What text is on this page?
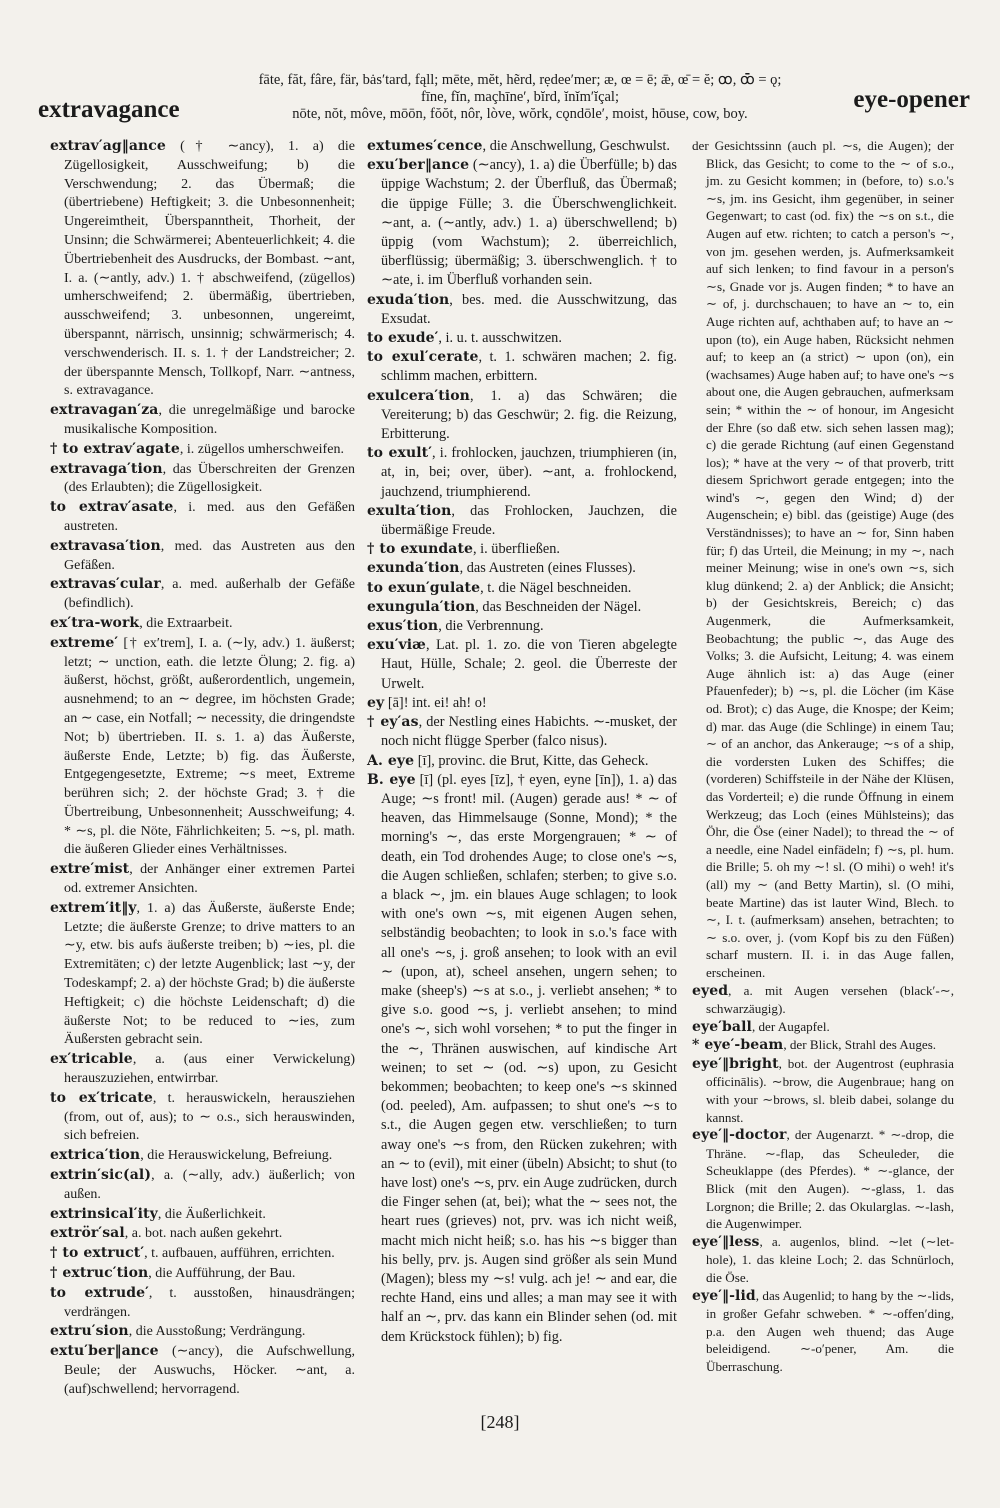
extravagance
fāte, făt, fâre, fär, bȧs′tard, fąll; mēte, mĕt, hẽrd, rẹdee′mer; æ, œ = ē; ǣ, œ̄ = ĕ; ꝏ, ꝏ̄ = ǫ;
fīne, fĭn, maçhīne′, bĭrd, ĭnĭm′ĭçal;
nōte, nŏt, môve, mōōn, fŏŏt, nôr, lòve, wŏrk, cǫndōle′, moist, hōuse, cow, boy.
eye-opener

extrav′ag‖ance († ∼ancy), 1. a) die Zügellosigkeit, Ausschweifung; b) die Verschwendung; 2. das Übermaß; die (übertriebene) Heftigkeit; 3. die Unbesonnenheit; Ungereimtheit, Überspanntheit, Thorheit, der Unsinn; die Schwärmerei; Abenteuerlichkeit; 4. die Übertriebenheit des Ausdrucks, der Bombast. ∼ant, I. a. (∼antly, adv.) 1. † abschweifend, (zügellos) umherschweifend; 2. übermäßig, übertrieben, ausschweifend; 3. unbesonnen, ungereimt, überspannt, närrisch, unsinnig; schwärmerisch; 4. verschwenderisch. II. s. 1. † der Landstreicher; 2. der überspannte Mensch, Tollkopf, Narr. ∼antness, s. extravagance.

extravagan′za, die unregelmäßige und barocke musikalische Komposition.

† to extrav′agate, i. zügellos umherschweifen.

extravaga′tion, das Überschreiten der Grenzen (des Erlaubten); die Zügellosigkeit.

to extrav′asate, i. med. aus den Gefäßen austreten.

extravasa′tion, med. das Austreten aus den Gefäßen.

extravas′cular, a. med. außerhalb der Gefäße (befindlich).

ex′tra-work, die Extraarbeit.

extreme′ [† ex′trem], I. a. (∼ly, adv.) 1. äußerst; letzt; ∼ unction, eath. die letzte Ölung; 2. fig. a) äußerst, höchst, größt, außerordentlich, ungemein, ausnehmend; to an ∼ degree, im höchsten Grade; an ∼ case, ein Notfall; ∼ necessity, die dringendste Not; b) übertrieben. II. s. 1. a) das Äußerste, äußerste Ende, Letzte; b) fig. das Äußerste, Entgegengesetzte, Extreme; ∼s meet, Extreme berühren sich; 2. der höchste Grad; 3. † die Übertreibung, Unbesonnenheit; Ausschweifung; 4. * ∼s, pl. die Nöte, Fährlichkeiten; 5. ∼s, pl. math. die äußeren Glieder eines Verhältnisses.

extre′mist, der Anhänger einer extremen Partei od. extremer Ansichten.

extrem′it‖y, 1. a) das Äußerste, äußerste Ende; Letzte; die äußerste Grenze; to drive matters to an ∼y, etw. bis aufs äußerste treiben; b) ∼ies, pl. die Extremitäten; c) der letzte Augenblick; last ∼y, der Todeskampf; 2. a) der höchste Grad; b) die äußerste Heftigkeit; c) die höchste Leidenschaft; d) die äußerste Not; to be reduced to ∼ies, zum Äußersten gebracht sein.

ex′tricable, a. (aus einer Verwickelung) herauszuziehen, entwirrbar.

to ex′tricate, t. herauswickeln, herausziehen (from, out of, aus); to ∼ o.s., sich herauswinden, sich befreien.

extrica′tion, die Herauswickelung, Befreiung.

extrin′sic(al), a. (∼ally, adv.) äußerlich; von außen.

extrinsical′ity, die Äußerlichkeit.

extrör′sal, a. bot. nach außen gekehrt.

† to extruct′, t. aufbauen, aufführen, errichten.

† extruc′tion, die Aufführung, der Bau.

to extrude′, t. ausstoßen, hinausdrängen; verdrängen.

extru′sion, die Ausstoßung; Verdrängung.

extu′ber‖ance (∼ancy), die Aufschwellung, Beule; der Auswuchs, Höcker. ∼ant, a. (auf)schwellend; hervorragend.

extumes′cence, die Anschwellung, Geschwulst.

exu′ber‖ance (∼ancy), 1. a) die Überfülle; b) das üppige Wachstum; 2. der Überfluß, das Übermaß; die üppige Fülle; 3. die Überschwenglichkeit. ∼ant, a. (∼antly, adv.) 1. a) überschwellend; b) üppig (vom Wachstum); 2. überreichlich, überflüssig; übermäßig; 3. überschwenglich. † to ∼ate, i. im Überfluß vorhanden sein.

exuda′tion, bes. med. die Ausschwitzung, das Exsudat.

to exude′, i. u. t. ausschwitzen.

to exul′cerate, t. 1. schwären machen; 2. fig. schlimm machen, erbittern.

exulcera′tion, 1. a) das Schwären; die Vereiterung; b) das Geschwür; 2. fig. die Reizung, Erbitterung.

to exult′, i. frohlocken, jauchzen, triumphieren (in, at, in, bei; over, über). ∼ant, a. frohlockend, jauchzend, triumphierend.

exulta′tion, das Frohlocken, Jauchzen, die übermäßige Freude.

† to exundate, i. überfließen.

exunda′tion, das Austreten (eines Flusses).

to exun′gulate, t. die Nägel beschneiden.

exungula′tion, das Beschneiden der Nägel.

exus′tion, die Verbrennung.

exu′viæ, Lat. pl. 1. zo. die von Tieren abgelegte Haut, Hülle, Schale; 2. geol. die Überreste der Urwelt.

ey [ā]! int. ei! ah! o!

† ey′as, der Nestling eines Habichts. ∼-musket, der noch nicht flügge Sperber (falco nisus).

A. eye [ī], provinc. die Brut, Kitte, das Geheck.

B. eye [ī] (pl. eyes [īz], † eyen, eyne [īn]), 1. a) das Auge; ∼s front! mil. (Augen) gerade aus! * ∼ of heaven, das Himmelsauge (Sonne, Mond); * the morning's ∼, das erste Morgengrauen; * ∼ of death, ein Tod drohendes Auge; to close one's ∼s, die Augen schließen, schlafen; sterben; to give s.o. a black ∼, jm. ein blaues Auge schlagen; to look with one's own ∼s, mit eigenen Augen sehen, selbständig beobachten; to look in s.o.'s face with all one's ∼s, j. groß ansehen; to look with an evil ∼ (upon, at), scheel ansehen, ungern sehen; to make (sheep's) ∼s at s.o., j. verliebt ansehen; * to give s.o. good ∼s, j. verliebt ansehen; to mind one's ∼, sich wohl vorsehen; * to put the finger in the ∼, Thränen auswischen, auf kindische Art weinen; to set ∼ (od. ∼s) upon, zu Gesicht bekommen; beobachten; to keep one's ∼s skinned (od. peeled), Am. aufpassen; to shut one's ∼s to s.t., die Augen gegen etw. verschließen; to turn away one's ∼s from, den Rücken zukehren; with an ∼ to (evil), mit einer (übeln) Absicht; to shut (to have lost) one's ∼s, prv. ein Auge zudrücken, durch die Finger sehen (at, bei); what the ∼ sees not, the heart rues (grieves) not, prv. was ich nicht weiß, macht mich nicht heiß; s.o. has his ∼s bigger than his belly, prv. js. Augen sind größer als sein Mund (Magen); bless my ∼s! vulg. ach je! ∼ and ear, die rechte Hand, eins und alles; a man may see it with half an ∼, prv. das kann ein Blinder sehen (od. mit dem Krückstock fühlen); b) fig.

der Gesichtssinn (auch pl. ∼s, die Augen); der Blick, das Gesicht; to come to the ∼ of s.o., jm. zu Gesicht kommen; in (before, to) s.o.'s ∼s, jm. ins Gesicht, ihm gegenüber, in seiner Gegenwart; to cast (od. fix) the ∼s on s.t., die Augen auf etw. richten; to catch a person's ∼, von jm. gesehen werden, js. Aufmerksamkeit auf sich lenken; to find favour in a person's ∼s, Gnade vor js. Augen finden; * to have an ∼ of, j. durchschauen; to have an ∼ to, ein Auge richten auf, achthaben auf; to have an ∼ upon (to), ein Auge haben, Rücksicht nehmen auf; to keep an (a strict) ∼ upon (on), ein (wachsames) Auge haben auf; to have one's ∼s about one, die Augen gebrauchen, aufmerksam sein; * within the ∼ of honour, im Angesicht der Ehre (so daß etw. sich sehen lassen mag); c) die gerade Richtung (auf einen Gegenstand los); * have at the very ∼ of that proverb, tritt diesem Sprichwort gerade entgegen; into the wind's ∼, gegen den Wind; d) der Augenschein; e) bibl. das (geistige) Auge (des Verständnisses); to have an ∼ for, Sinn haben für; f) das Urteil, die Meinung; in my ∼, nach meiner Meinung; wise in one's own ∼s, sich klug dünkend; 2. a) der Anblick; die Ansicht; b) der Gesichtskreis, Bereich; c) das Augenmerk, die Aufmerksamkeit, Beobachtung; the public ∼, das Auge des Volks; 3. die Aufsicht, Leitung; 4. was einem Auge ähnlich ist: a) das Auge (einer Pfauenfeder); b) ∼s, pl. die Löcher (im Käse od. Brot); c) das Auge, die Knospe; der Keim; d) mar. das Auge (die Schlinge) in einem Tau; ∼ of an anchor, das Ankerauge; ∼s of a ship, die vordersten Luken des Schiffes; die (vorderen) Schiffsteile in der Nähe der Klüsen, das Vorderteil; e) die runde Öffnung in einem Werkzeug; das Loch (eines Mühlsteins); das Öhr, die Öse (einer Nadel); to thread the ∼ of a needle, eine Nadel einfädeln; f) ∼s, pl. hum. die Brille; 5. oh my ∼! sl. (O mihi) o weh! it's (all) my ∼ (and Betty Martin), sl. (O mihi, beate Martine) das ist lauter Wind, Blech. to ∼, I. t. (aufmerksam) ansehen, betrachten; to ∼ s.o. over, j. (vom Kopf bis zu den Füßen) scharf mustern. II. i. in das Auge fallen, erscheinen.

eyed, a. mit Augen versehen (black′-∼, schwarzäugig).

eye′ball, der Augapfel.

* eye′-beam, der Blick, Strahl des Auges.

eye′‖bright, bot. der Augentrost (euphrasia officinālis). ∼brow, die Augenbraue; hang on with your ∼brows, sl. bleib dabei, solange du kannst.

eye′‖-doctor, der Augenarzt. * ∼-drop, die Thräne. ∼-flap, das Scheuleder, die Scheuklappe (des Pferdes). * ∼-glance, der Blick (mit den Augen). ∼-glass, 1. das Lorgnon; die Brille; 2. das Okularglas. ∼-lash, die Augenwimper.

eye′‖less, a. augenlos, blind. ∼let (∼let-hole), 1. das kleine Loch; 2. das Schnürloch, die Öse.

eye′‖-lid, das Augenlid; to hang by the ∼-lids, in großer Gefahr schweben. * ∼-offen′ding, p.a. den Augen weh thuend; das Auge beleidigend. ∼-o′pener, Am. die Überraschung.

[248]
